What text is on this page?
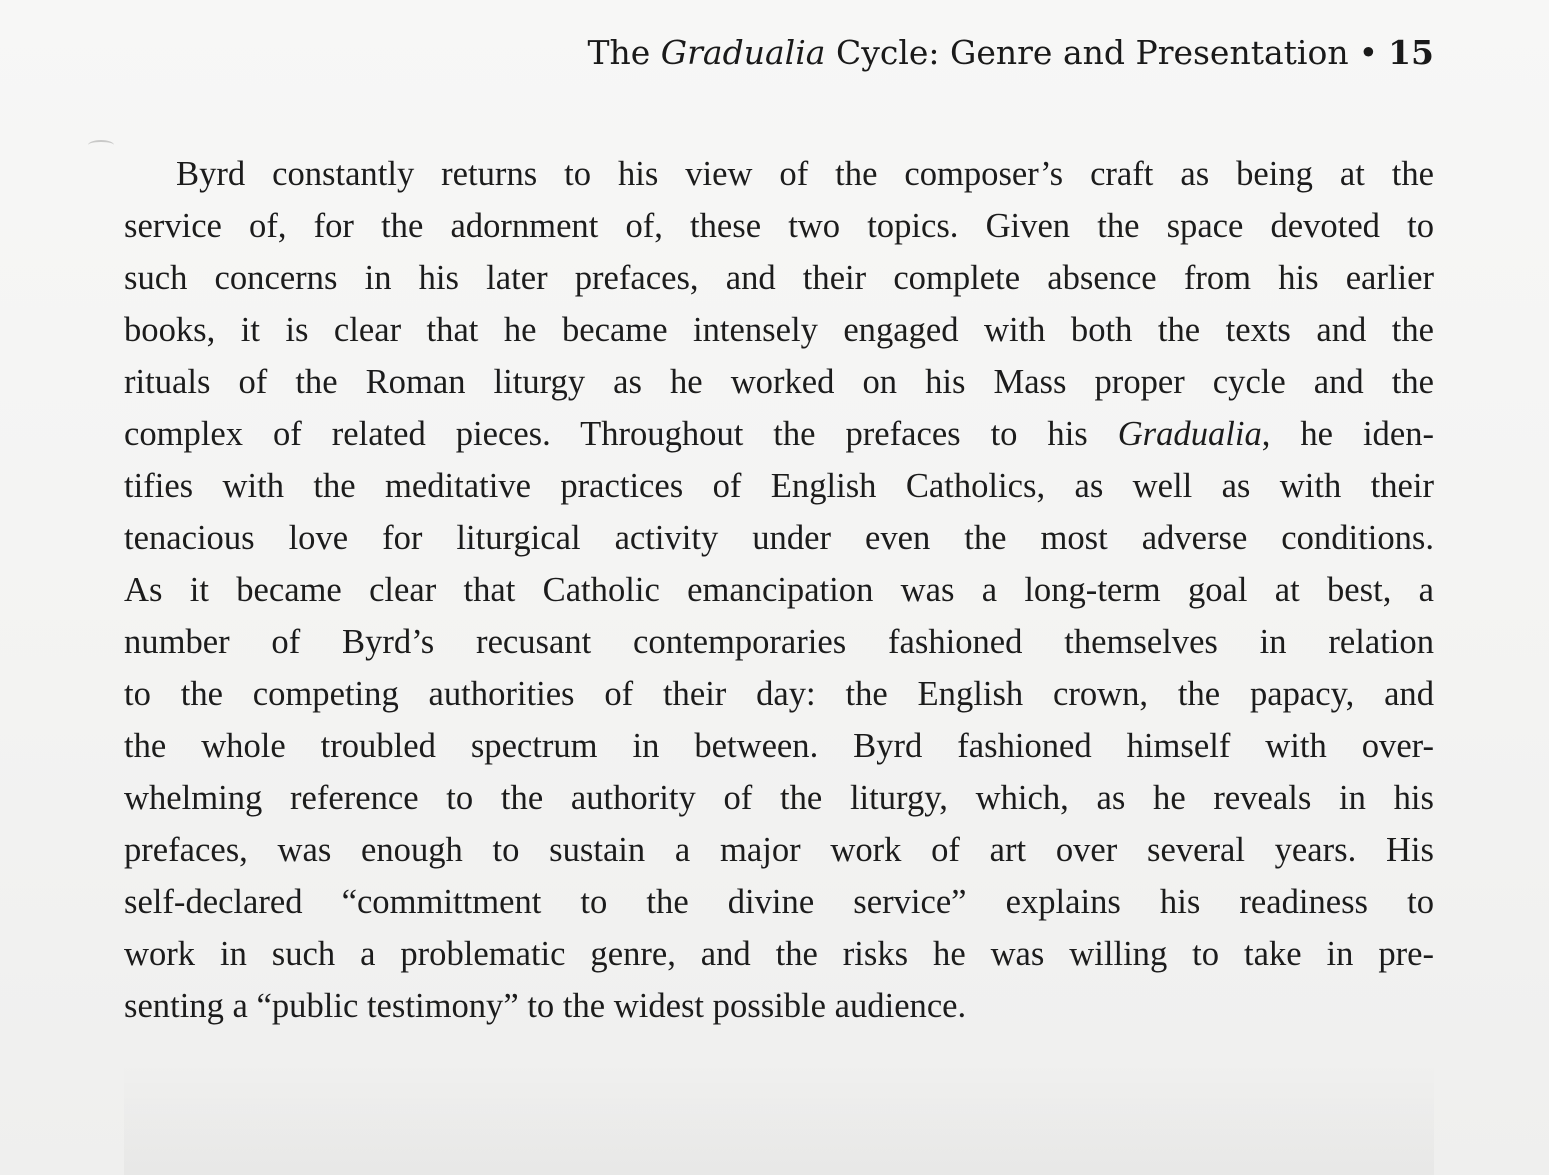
The Gradualia Cycle: Genre and Presentation • 15
Byrd constantly returns to his view of the composer’s craft as being at the
service of, for the adornment of, these two topics. Given the space devoted to
such concerns in his later prefaces, and their complete absence from his earlier
books, it is clear that he became intensely engaged with both the texts and the
rituals of the Roman liturgy as he worked on his Mass proper cycle and the
complex of related pieces. Throughout the prefaces to his Gradualia, he iden-
tifies with the meditative practices of English Catholics, as well as with their
tenacious love for liturgical activity under even the most adverse conditions.
As it became clear that Catholic emancipation was a long-term goal at best, a
number of Byrd’s recusant contemporaries fashioned themselves in relation
to the competing authorities of their day: the English crown, the papacy, and
the whole troubled spectrum in between. Byrd fashioned himself with over-
whelming reference to the authority of the liturgy, which, as he reveals in his
prefaces, was enough to sustain a major work of art over several years. His
self-declared “committment to the divine service” explains his readiness to
work in such a problematic genre, and the risks he was willing to take in pre-
senting a “public testimony” to the widest possible audience.
